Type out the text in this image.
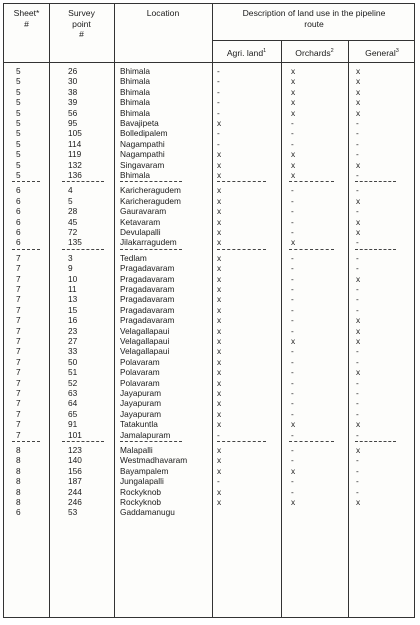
Sheet*
#
Survey
point
#
Location	Description of land use in the pipeline
route
Agri. land$^1$	Orchards$^2$	General$^3$
5	26	Bhimala	-	x	x
5	30	Bhimala	-	x	x
5	38	Bhimala	-	x	x
5	39	Bhimala	-	x	x
5	56	Bhimala	-	x	x
5	95	Bavajipeta	x	-	-
5	105	Bolledipalem	-	-	-
5	114	Nagampathi	-	-	-
5	119	Nagampathi	x	x	-
5	132	Singavaram	x	x	x
5	136	Bhimala	x	x	-
6	4	Karicheragudem	x	-	-
6	5	Karicheragudem	x	-	x
6	28	Gauravaram	x	-	-
6	45	Ketavaram	x	-	x
6	72	Devulapalli	x	-	x
6	135	Jilakarragudem	x	x	-
7	3	Tedlam	x	-	-
7	9	Pragadavaram	x	-	-
7	10	Pragadavaram	x	-	x
7	11	Pragadavaram	x	-	-
7	13	Pragadavaram	x	-	-
7	15	Pragadavaram	x	-	-
7	16	Pragadavaram	x	-	x
7	23	Velagallapaui	x	-	x
7	27	Velagallapaui	x	x	x
7	33	Velagallapaui	x	-	-
7	50	Polavaram	x	-	-
7	51	Polavaram	x	-	x
7	52	Polavaram	x	-	-
7	63	Jayapuram	x	-	-
7	64	Jayapuram	x	-	-
7	65	Jayapuram	x	-	-
7	91	Tatakuntla	x	x	x
7	101	Jamalapuram	-	-	-
8	123	Malapalli	x	-	x
8	140	Westmadhavaram	x	-	-
8	156	Bayampalem	x	x	-
8	187	Jungalapalli	-	-	-
8	244	Rockyknob	x	-	-
8	246	Rockyknob	x	x	x
6	53	Gaddamanugu
